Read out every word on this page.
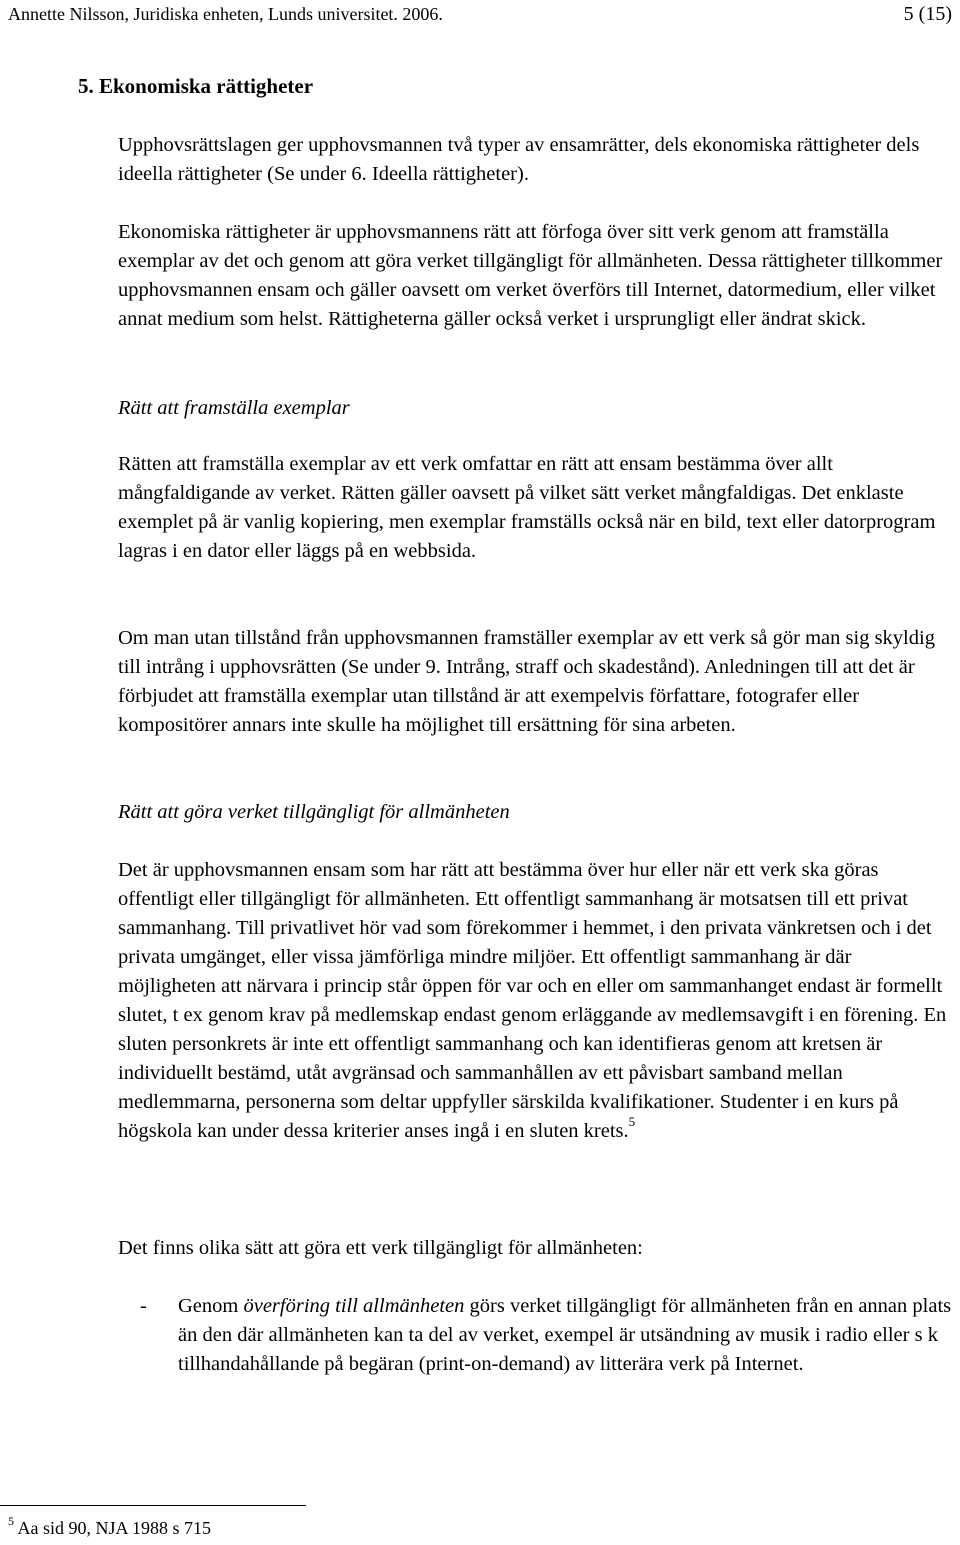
Annette Nilsson, Juridiska enheten, Lunds universitet. 2006.	5 (15)
5. Ekonomiska rättigheter

Upphovsrättslagen ger upphovsmannen två typer av ensamrätter, dels ekonomiska rättigheter dels ideella rättigheter (Se under 6. Ideella rättigheter).

Ekonomiska rättigheter är upphovsmannens rätt att förfoga över sitt verk genom att framställa exemplar av det och genom att göra verket tillgängligt för allmänheten. Dessa rättigheter tillkommer upphovsmannen ensam och gäller oavsett om verket överförs till Internet, datormedium, eller vilket annat medium som helst. Rättigheterna gäller också verket i ursprungligt eller ändrat skick.

Rätt att framställa exemplar

Rätten att framställa exemplar av ett verk omfattar en rätt att ensam bestämma över allt mångfaldigande av verket. Rätten gäller oavsett på vilket sätt verket mångfaldigas. Det enklaste exemplet på är vanlig kopiering, men exemplar framställs också när en bild, text eller datorprogram lagras i en dator eller läggs på en webbsida.

Om man utan tillstånd från upphovsmannen framställer exemplar av ett verk så gör man sig skyldig till intrång i upphovsrätten (Se under 9. Intrång, straff och skadestånd). Anledningen till att det är förbjudet att framställa exemplar utan tillstånd är att exempelvis författare, fotografer eller kompositörer annars inte skulle ha möjlighet till ersättning för sina arbeten.

Rätt att göra verket tillgängligt för allmänheten

Det är upphovsmannen ensam som har rätt att bestämma över hur eller när ett verk ska göras offentligt eller tillgängligt för allmänheten. Ett offentligt sammanhang är motsatsen till ett privat sammanhang. Till privatlivet hör vad som förekommer i hemmet, i den privata vänkretsen och i det privata umgänget, eller vissa jämförliga mindre miljöer. Ett offentligt sammanhang är där möjligheten att närvara i princip står öppen för var och en eller om sammanhanget endast är formellt slutet, t ex genom krav på medlemskap endast genom erläggande av medlemsavgift i en förening. En sluten personkrets är inte ett offentligt sammanhang och kan identifieras genom att kretsen är individuellt bestämd, utåt avgränsad och sammanhållen av ett påvisbart samband mellan medlemmarna, personerna som deltar uppfyller särskilda kvalifikationer. Studenter i en kurs på högskola kan under dessa kriterier anses ingå i en sluten krets.$^5$

Det finns olika sätt att göra ett verk tillgängligt för allmänheten:

- Genom överföring till allmänheten görs verket tillgängligt för allmänheten från en annan plats än den där allmänheten kan ta del av verket, exempel är utsändning av musik i radio eller s k tillhandahållande på begäran (print-on-demand) av litterära verk på Internet.
$^5$ Aa sid 90, NJA 1988 s 715
